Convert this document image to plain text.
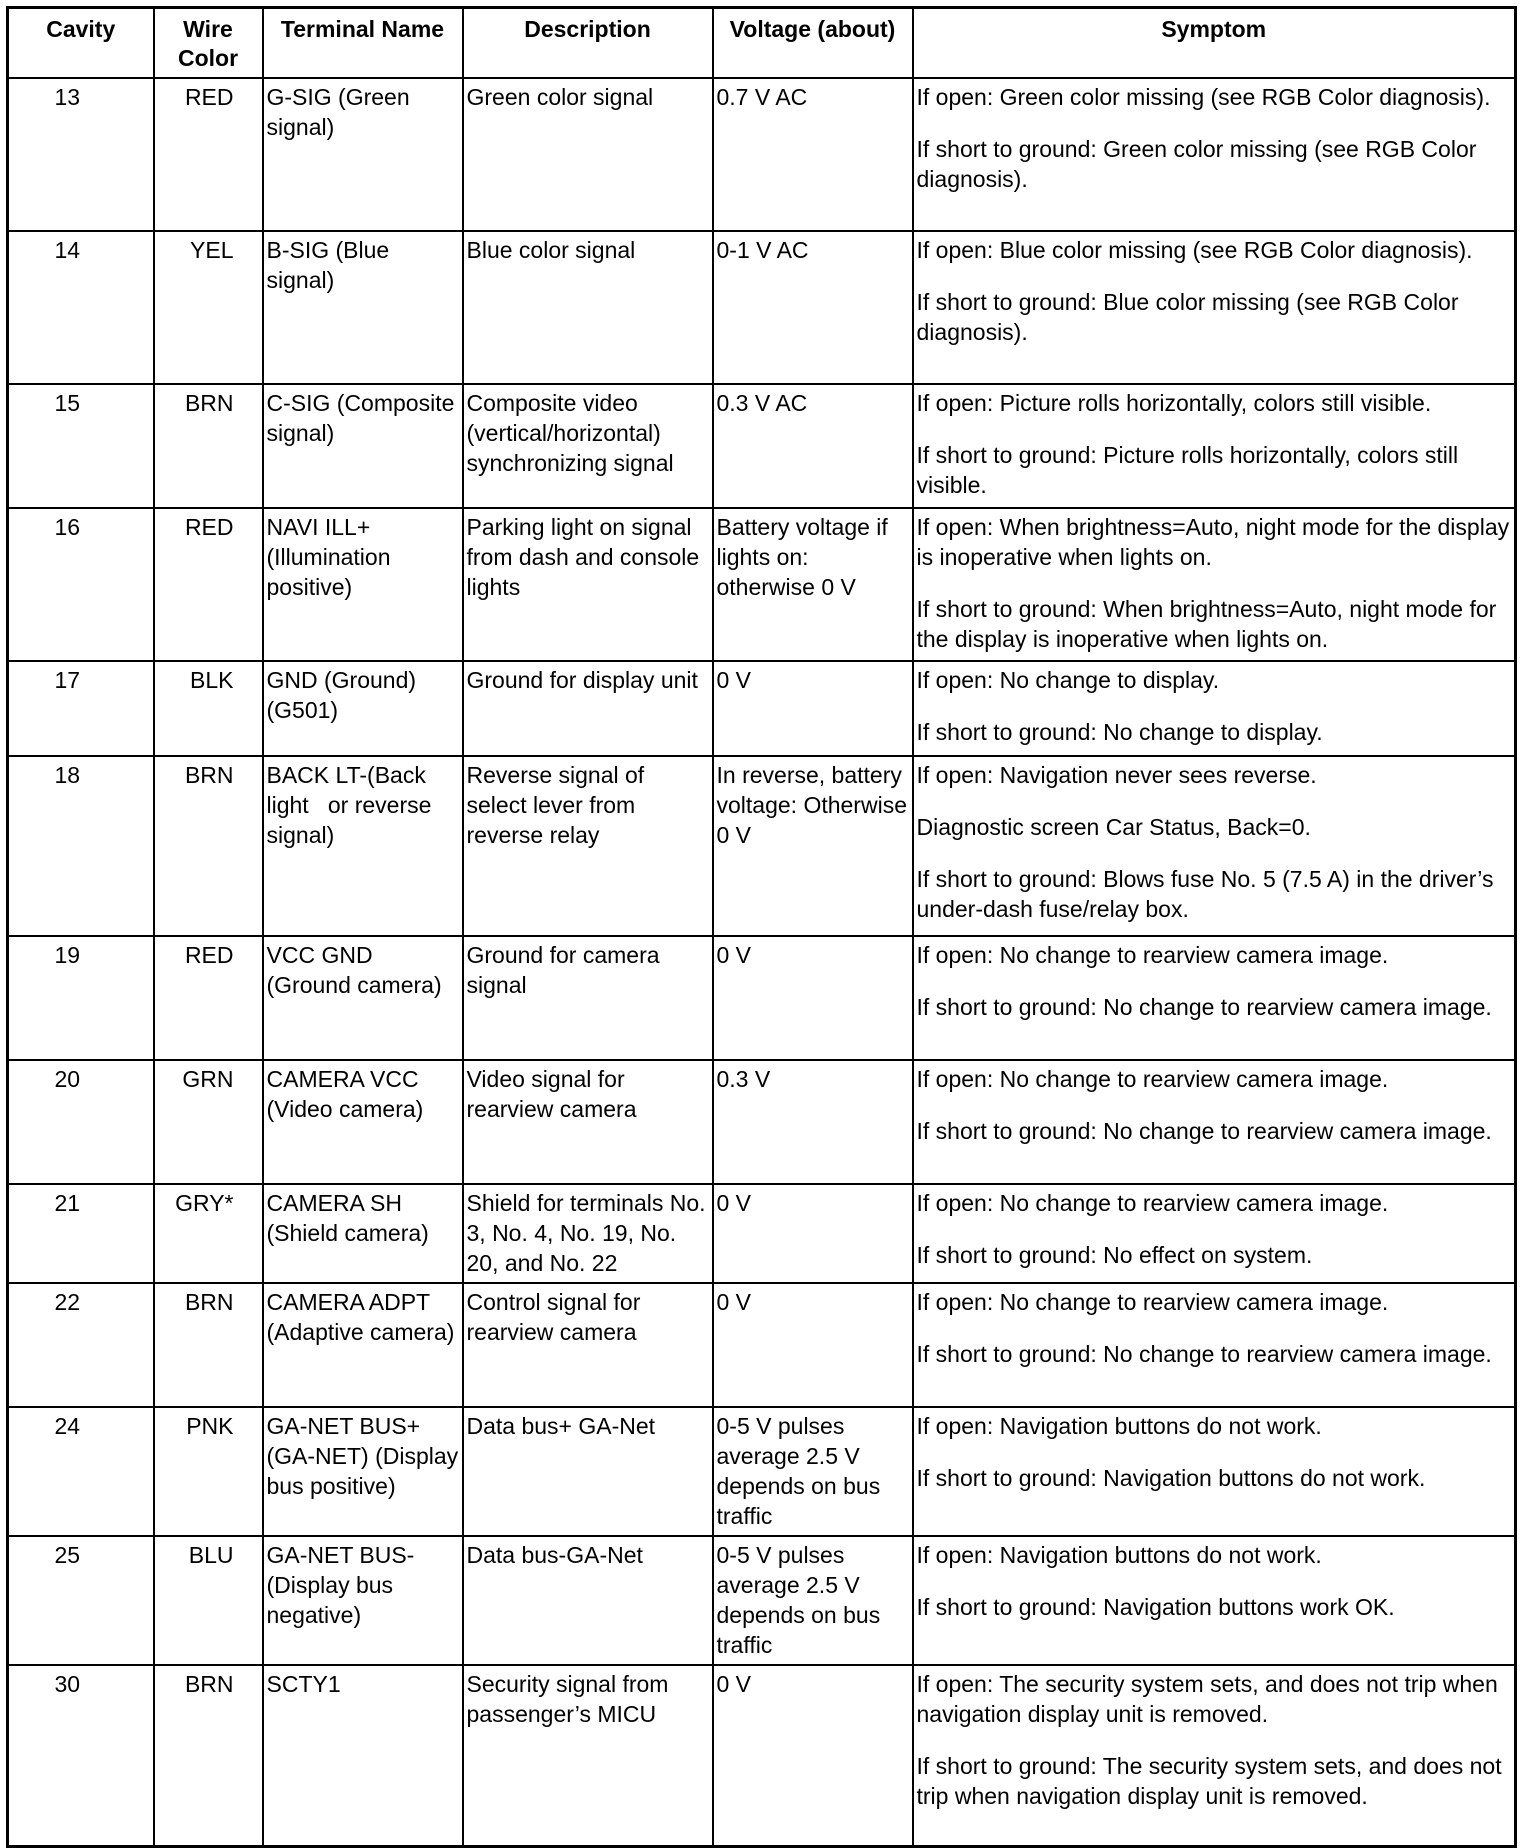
Cavity	Wire Color	Terminal Name	Description	Voltage (about)	Symptom
13	RED	G-SIG (Green signal)	Green color signal	0.7 V AC	If open: Green color missing (see RGB Color diagnosis).

If short to ground: Green color missing (see RGB Color diagnosis).

14	YEL	B-SIG (Blue signal)	Blue color signal	0-1 V AC	If open: Blue color missing (see RGB Color diagnosis).

If short to ground: Blue color missing (see RGB Color diagnosis).

15	BRN	C-SIG (Composite signal)	Composite video (vertical/horizontal) synchronizing signal	0.3 V AC	If open: Picture rolls horizontally, colors still visible.

If short to ground: Picture rolls horizontally, colors still visible.

16	RED	NAVI ILL+ (Illumination positive)	Parking light on signal from dash and console lights	Battery voltage if lights on: otherwise 0 V	If open: When brightness=Auto, night mode for the display is inoperative when lights on.

If short to ground: When brightness=Auto, night mode for the display is inoperative when lights on.

17	BLK	GND (Ground) (G501)	Ground for display unit	0 V	If open: No change to display.

If short to ground: No change to display.

18	BRN	BACK LT-(Back light   or reverse signal)	Reverse signal of select lever from reverse relay	In reverse, battery voltage: Otherwise 0 V	If open: Navigation never sees reverse.

Diagnostic screen Car Status, Back=0.

If short to ground: Blows fuse No. 5 (7.5 A) in the driver’s under-dash fuse/relay box.

19	RED	VCC GND (Ground camera)	Ground for camera signal	0 V	If open: No change to rearview camera image.

If short to ground: No change to rearview camera image.

20	GRN	CAMERA VCC (Video camera)	Video signal for rearview camera	0.3 V	If open: No change to rearview camera image.

If short to ground: No change to rearview camera image.

21	GRY*	CAMERA SH (Shield camera)	Shield for terminals No. 3, No. 4, No. 19, No. 20, and No. 22	0 V	If open: No change to rearview camera image.

If short to ground: No effect on system.

22	BRN	CAMERA ADPT (Adaptive camera)	Control signal for rearview camera	0 V	If open: No change to rearview camera image.

If short to ground: No change to rearview camera image.

24	PNK	GA-NET BUS+ (GA-NET) (Display bus positive)	Data bus+ GA-Net	0-5 V pulses average 2.5 V depends on bus traffic	If open: Navigation buttons do not work.

If short to ground: Navigation buttons do not work.

25	BLU	GA-NET BUS-(Display bus negative)	Data bus-GA-Net	0-5 V pulses average 2.5 V depends on bus traffic	If open: Navigation buttons do not work.

If short to ground: Navigation buttons work OK.

30	BRN	SCTY1	Security signal from passenger’s MICU	0 V	If open: The security system sets, and does not trip when navigation display unit is removed.

If short to ground: The security system sets, and does not trip when navigation display unit is removed.
